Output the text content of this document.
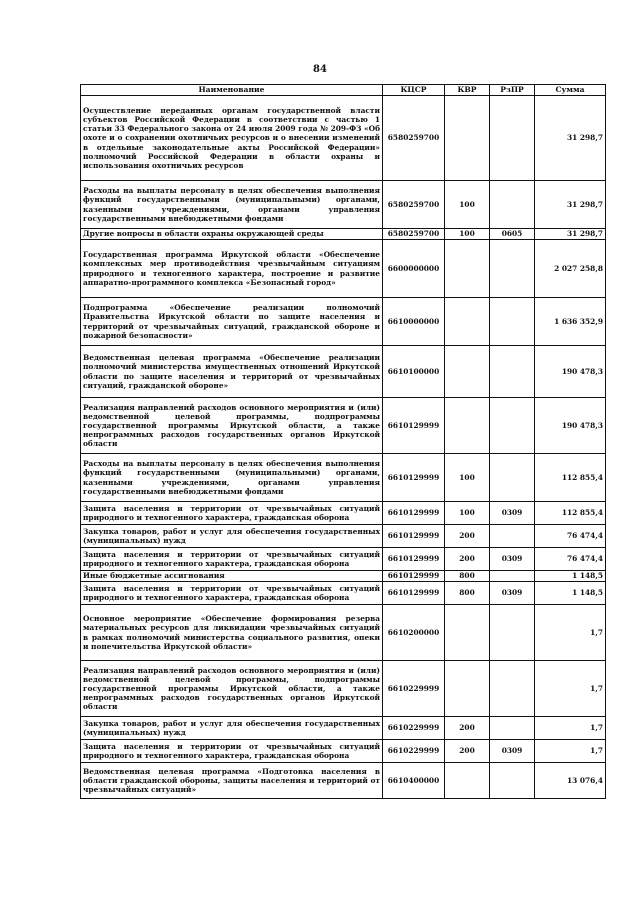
84
Наименование	КЦСР	КВР	РзПР	Сумма
Осуществление переданных органам государственной власти субъектов Российской Федерации в соответствии с частью 1 статьи 33 Федерального закона от 24 июля 2009 года № 209-ФЗ «Об охоте и о сохранении охотничьих ресурсов и о внесении изменений в отдельные законодательные акты Российской Федерации» полномочий Российской Федерации в области охраны и использования охотничьих ресурсов	6580259700			31 298,7
Расходы на выплаты персоналу в целях обеспечения выполнения функций государственными (муниципальными) органами, казенными учреждениями, органами управления государственными внебюджетными фондами	6580259700	100		31 298,7
Другие вопросы в области охраны окружающей среды	6580259700	100	0605	31 298,7
Государственная программа Иркутской области «Обеспечение комплексных мер противодействия чрезвычайным ситуациям природного и техногенного характера, построение и развитие аппаратно-программного комплекса «Безопасный город»	6600000000			2 027 258,8
Подпрограмма «Обеспечение реализации полномочий Правительства Иркутской области по защите населения и территорий от чрезвычайных ситуаций, гражданской обороне и пожарной безопасности»	6610000000			1 636 352,9
Ведомственная целевая программа «Обеспечение реализации полномочий министерства имущественных отношений Иркутской области по защите населения и территорий от чрезвычайных ситуаций, гражданской обороне»	6610100000			190 478,3
Реализация направлений расходов основного мероприятия и (или) ведомственной целевой программы, подпрограммы государственной программы Иркутской области, а также непрограммных расходов государственных органов Иркутской области	6610129999			190 478,3
Расходы на выплаты персоналу в целях обеспечения выполнения функций государственными (муниципальными) органами, казенными учреждениями, органами управления государственными внебюджетными фондами	6610129999	100		112 855,4
Защита населения и территории от чрезвычайных ситуаций природного и техногенного характера, гражданская оборона	6610129999	100	0309	112 855,4
Закупка товаров, работ и услуг для обеспечения государственных (муниципальных) нужд	6610129999	200		76 474,4
Защита населения и территории от чрезвычайных ситуаций природного и техногенного характера, гражданская оборона	6610129999	200	0309	76 474,4
Иные бюджетные ассигнования	6610129999	800		1 148,5
Защита населения и территории от чрезвычайных ситуаций природного и техногенного характера, гражданская оборона	6610129999	800	0309	1 148,5
Основное мероприятие «Обеспечение формирования резерва материальных ресурсов для ликвидации чрезвычайных ситуаций в рамках полномочий министерства социального развития, опеки и попечительства Иркутской области»	6610200000			1,7
Реализация направлений расходов основного мероприятия и (или) ведомственной целевой программы, подпрограммы государственной программы Иркутской области, а также непрограммных расходов государственных органов Иркутской области	6610229999			1,7
Закупка товаров, работ и услуг для обеспечения государственных (муниципальных) нужд	6610229999	200		1,7
Защита населения и территории от чрезвычайных ситуаций природного и техногенного характера, гражданская оборона	6610229999	200	0309	1,7
Ведомственная целевая программа «Подготовка населения в области гражданской обороны, защиты населения и территорий от чрезвычайных ситуаций»	6610400000			13 076,4
